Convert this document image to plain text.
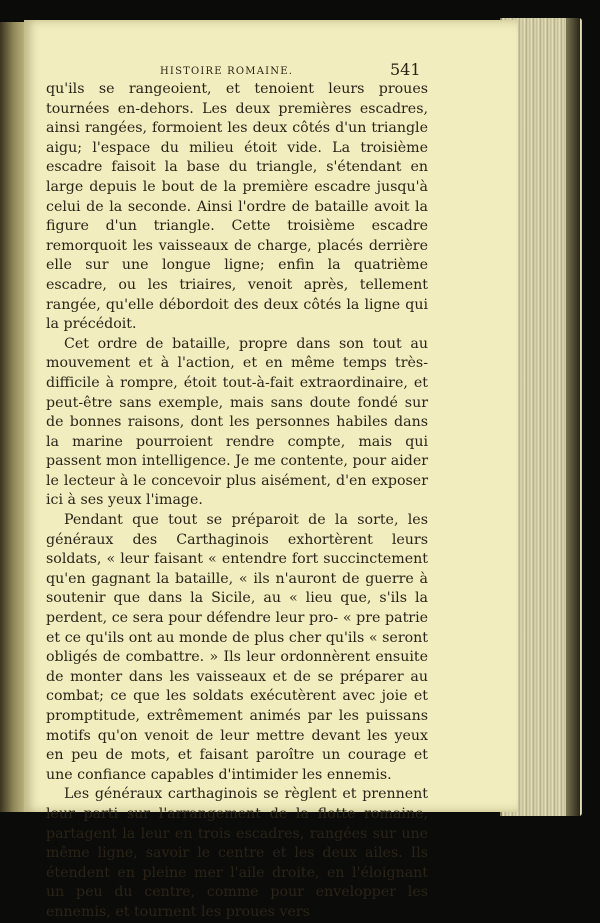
HISTOIRE ROMAINE.	541

qu'ils se rangeoient, et tenoient leurs proues tournées en-dehors. Les deux premières escadres, ainsi rangées, formoient les deux côtés d'un triangle aigu; l'espace du milieu étoit vide. La troisième escadre faisoit la base du triangle, s'étendant en large depuis le bout de la première escadre jusqu'à celui de la seconde. Ainsi l'ordre de bataille avoit la figure d'un triangle. Cette troisième escadre remorquoit les vaisseaux de charge, placés derrière elle sur une longue ligne; enfin la quatrième escadre, ou les triaires, venoit après, tellement rangée, qu'elle débordoit des deux côtés la ligne qui la précédoit.

Cet ordre de bataille, propre dans son tout au mouvement et à l'action, et en même temps très-difficile à rompre, étoit tout-à-fait extraordinaire, et peut-être sans exemple, mais sans doute fondé sur de bonnes raisons, dont les personnes habiles dans la marine pourroient rendre compte, mais qui passent mon intelligence. Je me contente, pour aider le lecteur à le concevoir plus aisément, d'en exposer ici à ses yeux l'image.

Pendant que tout se préparoit de la sorte, les généraux des Carthaginois exhortèrent leurs soldats, « leur faisant « entendre fort succinctement qu'en gagnant la bataille, « ils n'auront de guerre à soutenir que dans la Sicile, au « lieu que, s'ils la perdent, ce sera pour défendre leur pro- « pre patrie et ce qu'ils ont au monde de plus cher qu'ils « seront obligés de combattre. » Ils leur ordonnèrent ensuite de monter dans les vaisseaux et de se préparer au combat; ce que les soldats exécutèrent avec joie et promptitude, extrêmement animés par les puissans motifs qu'on venoit de leur mettre devant les yeux en peu de mots, et faisant paroître un courage et une confiance capables d'intimider les ennemis.

Les généraux carthaginois se règlent et prennent leur parti sur l'arrangement de la flotte romaine, partagent la leur en trois escadres, rangées sur une même ligne, savoir le centre et les deux ailes. Ils étendent en pleine mer l'aile droite, en l'éloignant un peu du centre, comme pour envelopper les ennemis, et tournent les proues vers
